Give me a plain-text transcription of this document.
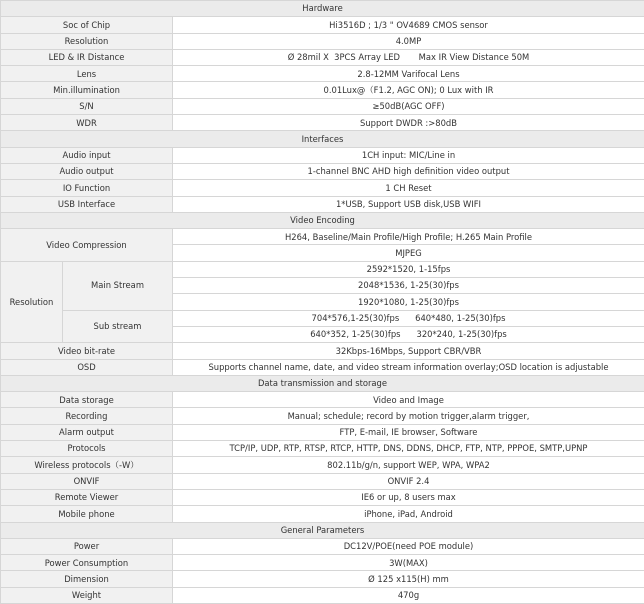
Hardware		
Soc of Chip		Hi3516D ; 1/3 " OV4689 CMOS sensor
Resolution		4.0MP
LED & IR Distance		Ø 28mil X  3PCS Array LED       Max IR View Distance 50M
Lens		2.8-12MM Varifocal Lens
Min.illumination		0.01Lux@（F1.2, AGC ON); 0 Lux with IR
S/N		≥50dB(AGC OFF)
WDR		Support DWDR :>80dB
Interfaces		
Audio input		1CH input: MIC/Line in
Audio output		1-channel BNC AHD high definition video output
IO Function		1 CH Reset
USB Interface		1*USB, Support USB disk,USB WIFI
Video Encoding		
Video Compression		H264, Baseline/Main Profile/High Profile; H.265 Main Profile
		MJPEG
Resolution	Main Stream	2592*1520, 1-15fps
		2048*1536, 1-25(30)fps
		1920*1080, 1-25(30)fps
	Sub stream	704*576,1-25(30)fps      640*480, 1-25(30)fps
		640*352, 1-25(30)fps      320*240, 1-25(30)fps
Video bit-rate		32Kbps-16Mbps, Support CBR/VBR
OSD		Supports channel name, date, and video stream information overlay;OSD location is adjustable
Data transmission and storage		
Data storage		Video and Image
Recording		Manual; schedule; record by motion trigger,alarm trigger,
Alarm output		FTP, E-mail, IE browser, Software
Protocols		TCP/IP, UDP, RTP, RTSP, RTCP, HTTP, DNS, DDNS, DHCP, FTP, NTP, PPPOE, SMTP,UPNP
Wireless protocols（-W）		802.11b/g/n, support WEP, WPA, WPA2
ONVIF		ONVIF 2.4
Remote Viewer		IE6 or up, 8 users max
Mobile phone		iPhone, iPad, Android
General Parameters		
Power		DC12V/POE(need POE module)
Power Consumption		3W(MAX)
Dimension		Ø 125 x115(H) mm
Weight		470g
